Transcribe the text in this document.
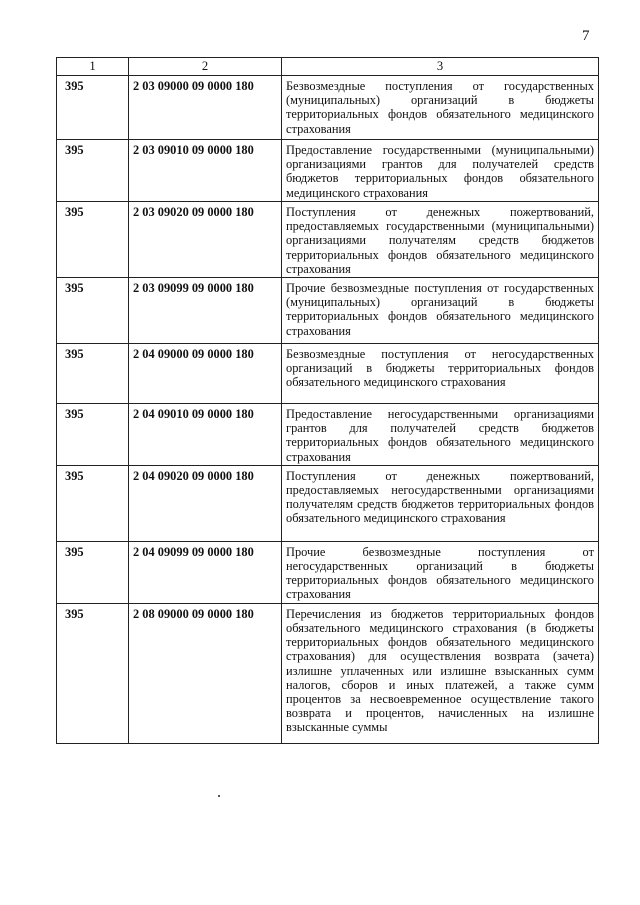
7
1	2	3
395	2 03 09000 09 0000 180	Безвозмездные поступления от государственных (муниципальных) организаций в бюджеты территориальных фондов обязательного медицинского страхования
395	2 03 09010 09 0000 180	Предоставление государственными (муниципальными) организациями грантов для получателей средств бюджетов территориальных фондов обязательного медицинского страхования
395	2 03 09020 09 0000 180	Поступления от денежных пожертвований, предоставляемых государственными (муниципальными) организациями получателям средств бюджетов территориальных фондов обязательного медицинского страхования
395	2 03 09099 09 0000 180	Прочие безвозмездные поступления от государственных (муниципальных) организаций в бюджеты территориальных фондов обязательного медицинского страхования
395	2 04 09000 09 0000 180	Безвозмездные поступления от негосударственных организаций в бюджеты территориальных фондов обязательного медицинского страхования
395	2 04 09010 09 0000 180	Предоставление негосударственными организациями грантов для получателей средств бюджетов территориальных фондов обязательного медицинского страхования
395	2 04 09020 09 0000 180	Поступления от денежных пожертвований, предоставляемых негосударственными организациями получателям средств бюджетов территориальных фондов обязательного медицинского страхования
395	2 04 09099 09 0000 180	Прочие безвозмездные поступления от негосударственных организаций в бюджеты территориальных фондов обязательного медицинского страхования
395	2 08 09000 09 0000 180	Перечисления из бюджетов территориальных фондов обязательного медицинского страхования (в бюджеты территориальных фондов обязательного медицинского страхования) для осуществления возврата (зачета) излишне уплаченных или излишне взысканных сумм налогов, сборов и иных платежей, а также сумм процентов за несвоевременное осуществление такого возврата и процентов, начисленных на излишне взысканные суммы
